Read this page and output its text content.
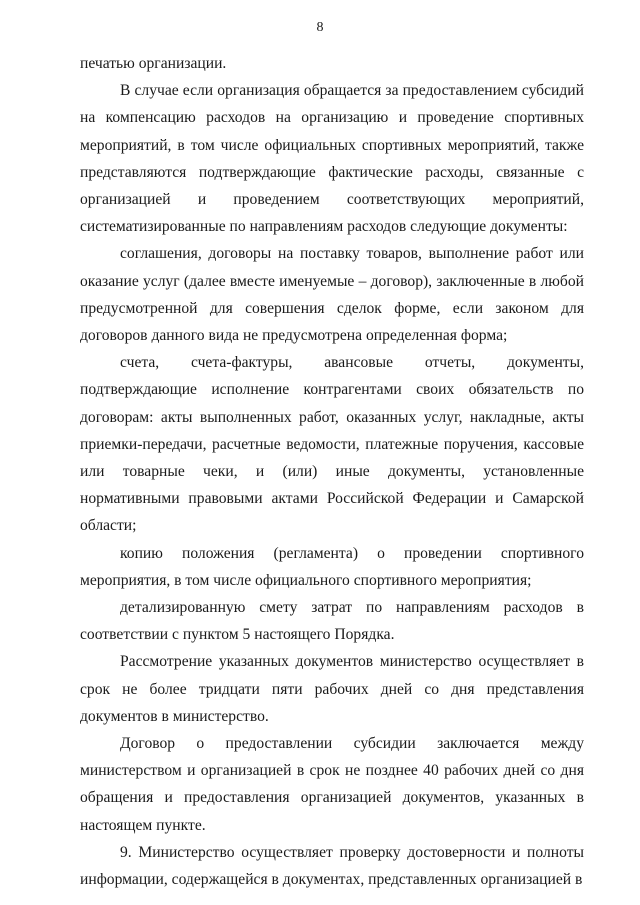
8

печатью организации.

В случае если организация обращается за предоставлением субсидий на компенсацию расходов на организацию и проведение спортивных мероприятий, в том числе официальных спортивных мероприятий, также представляются подтверждающие фактические расходы, связанные с организацией и проведением соответствующих мероприятий, систематизированные по направлениям расходов следующие документы:

соглашения, договоры на поставку товаров, выполнение работ или оказание услуг (далее вместе именуемые – договор), заключенные в любой предусмотренной для совершения сделок форме, если законом для договоров данного вида не предусмотрена определенная форма;

счета, счета-фактуры, авансовые отчеты, документы, подтверждающие исполнение контрагентами своих обязательств по договорам: акты выполненных работ, оказанных услуг, накладные, акты приемки-передачи, расчетные ведомости, платежные поручения, кассовые или товарные чеки, и (или) иные документы, установленные нормативными правовыми актами Российской Федерации и Самарской области;

копию положения (регламента) о проведении спортивного мероприятия, в том числе официального спортивного мероприятия;

детализированную смету затрат по направлениям расходов в соответствии с пунктом 5 настоящего Порядка.

Рассмотрение указанных документов министерство осуществляет в срок не более тридцати пяти рабочих дней со дня представления документов в министерство.

Договор о предоставлении субсидии заключается между министерством и организацией в срок не позднее 40 рабочих дней со дня обращения и предоставления организацией документов, указанных в настоящем пункте.

9. Министерство осуществляет проверку достоверности и полноты информации, содержащейся в документах, представленных организацией в
